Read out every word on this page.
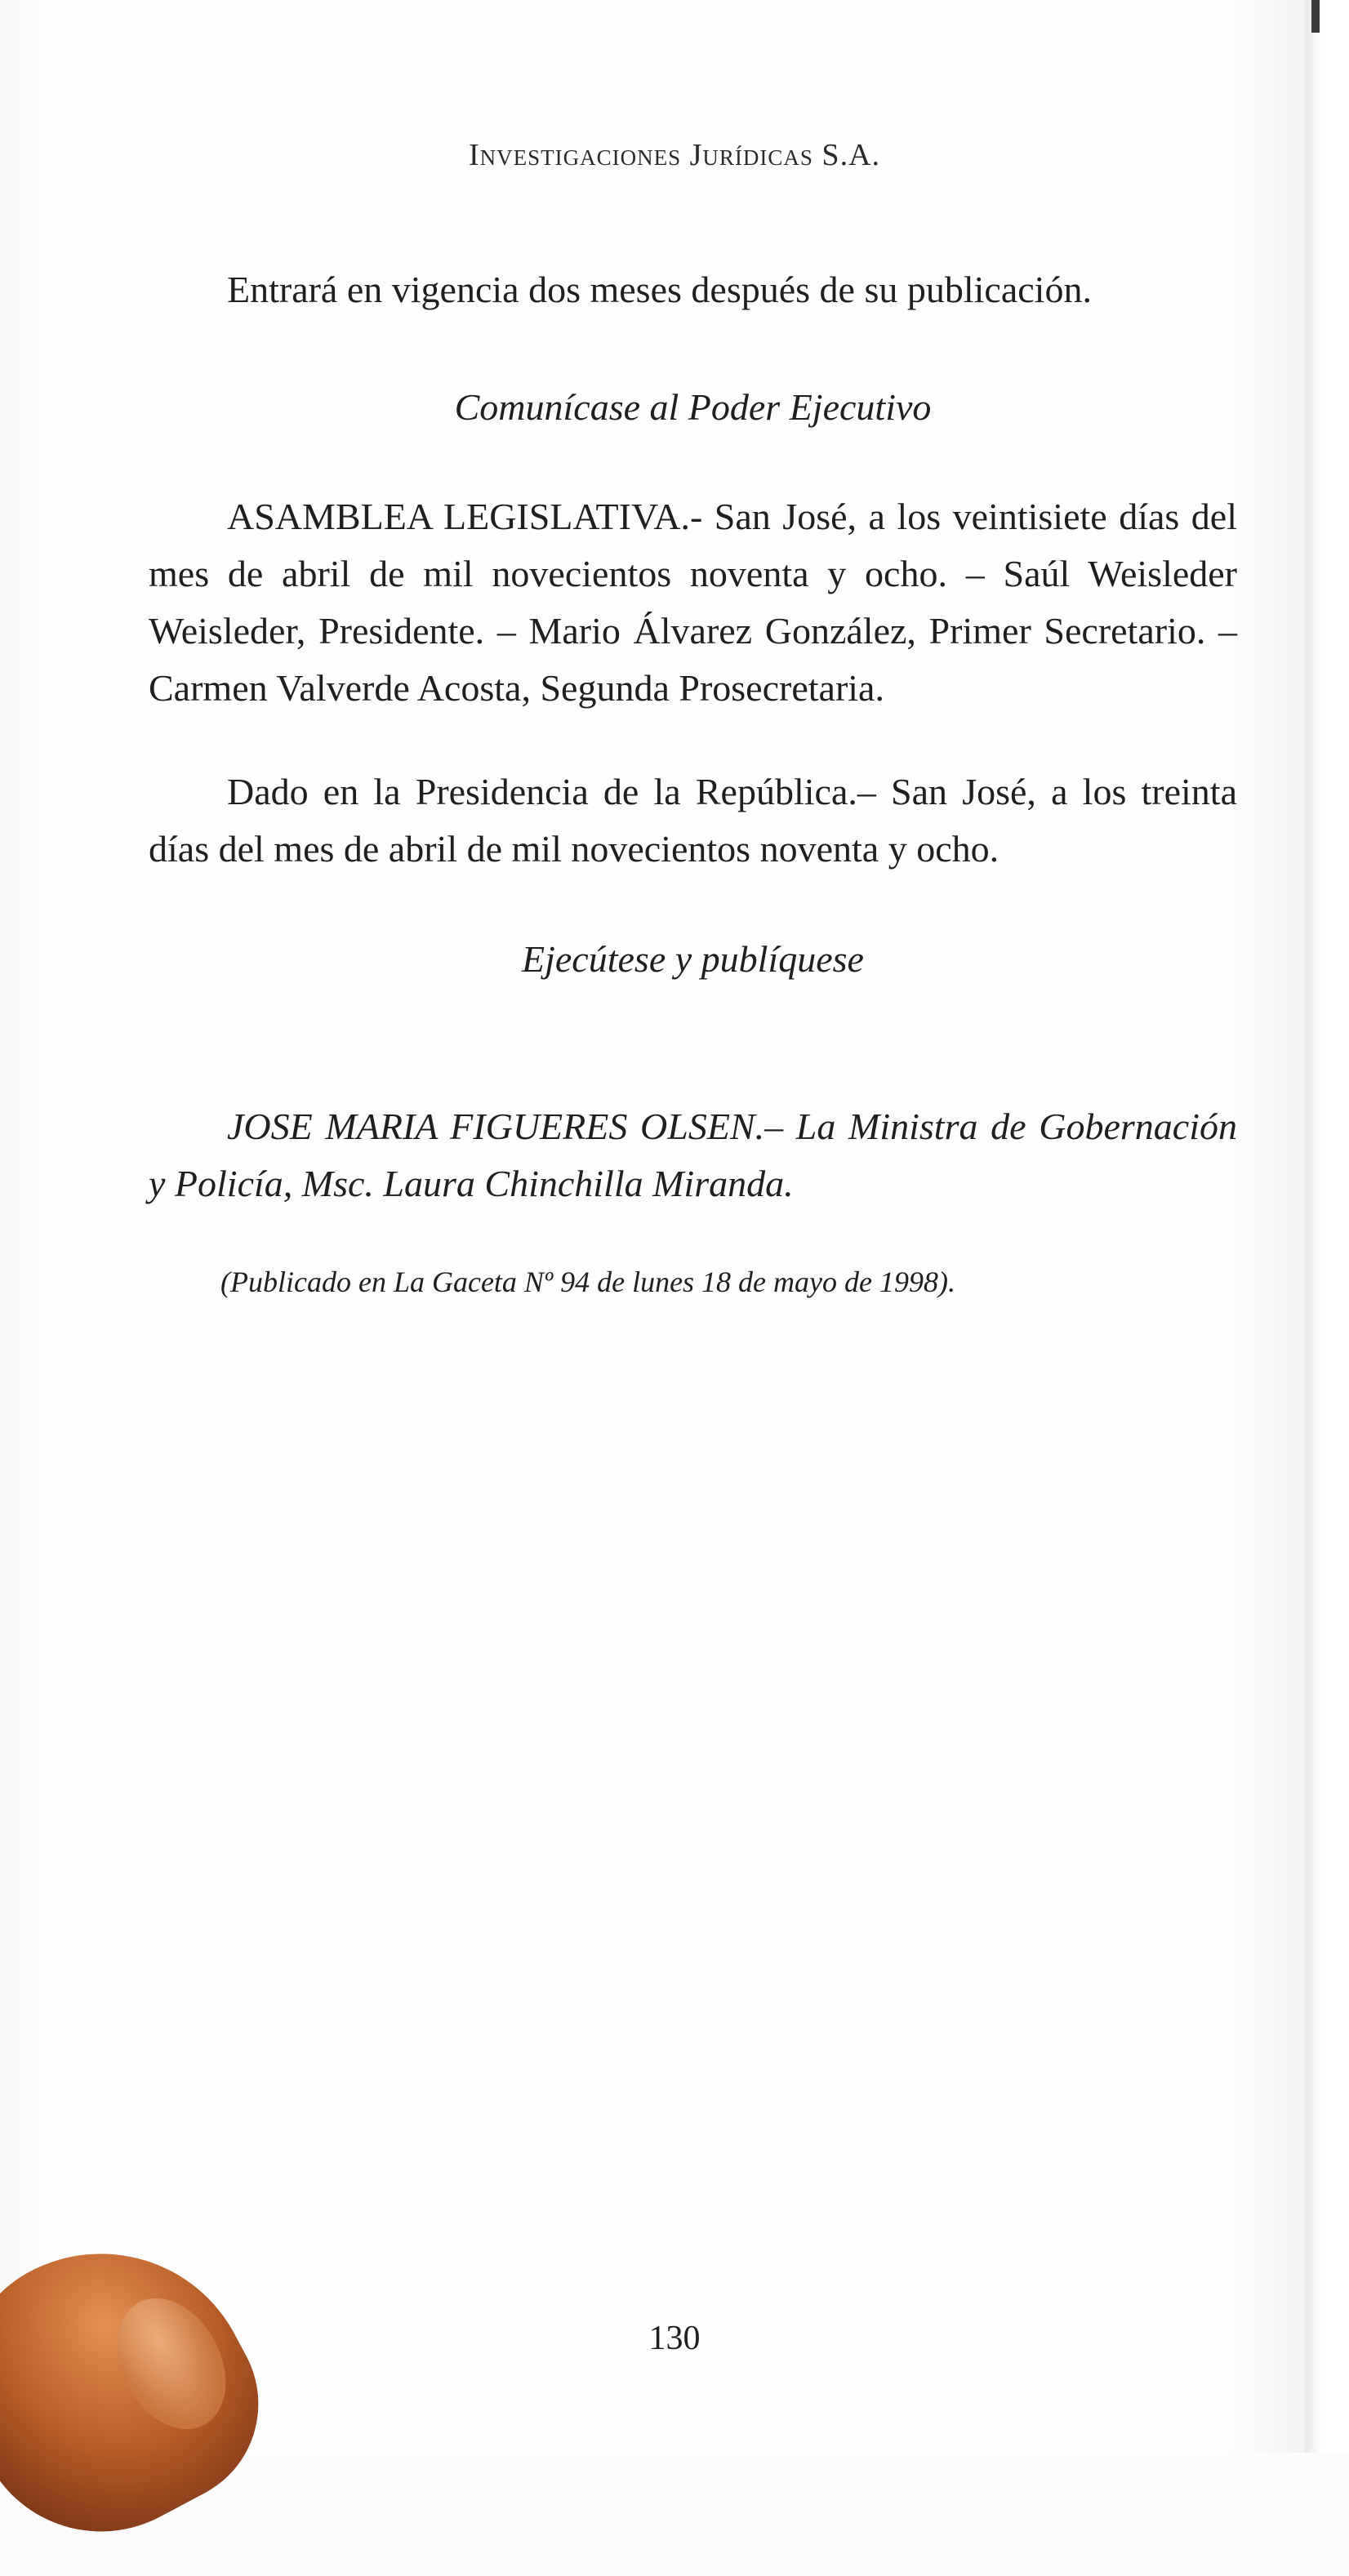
Investigaciones Jurídicas S.A.
Entrará en vigencia dos meses después de su publicación.
Comunícase al Poder Ejecutivo
ASAMBLEA LEGISLATIVA.- San José, a los veintisiete días del mes de abril de mil novecientos noventa y ocho. – Saúl Weisleder Weisleder, Presidente. – Mario Álvarez González, Primer Secretario. – Carmen Valverde Acosta, Segunda Prosecretaria.
Dado en la Presidencia de la República.– San José, a los treinta días del mes de abril de mil novecientos noventa y ocho.
Ejecútese y publíquese
JOSE MARIA FIGUERES OLSEN.– La Ministra de Gobernación y Policía, Msc. Laura Chinchilla Miranda.
(Publicado en La Gaceta Nº 94 de lunes 18 de mayo de 1998).
130
